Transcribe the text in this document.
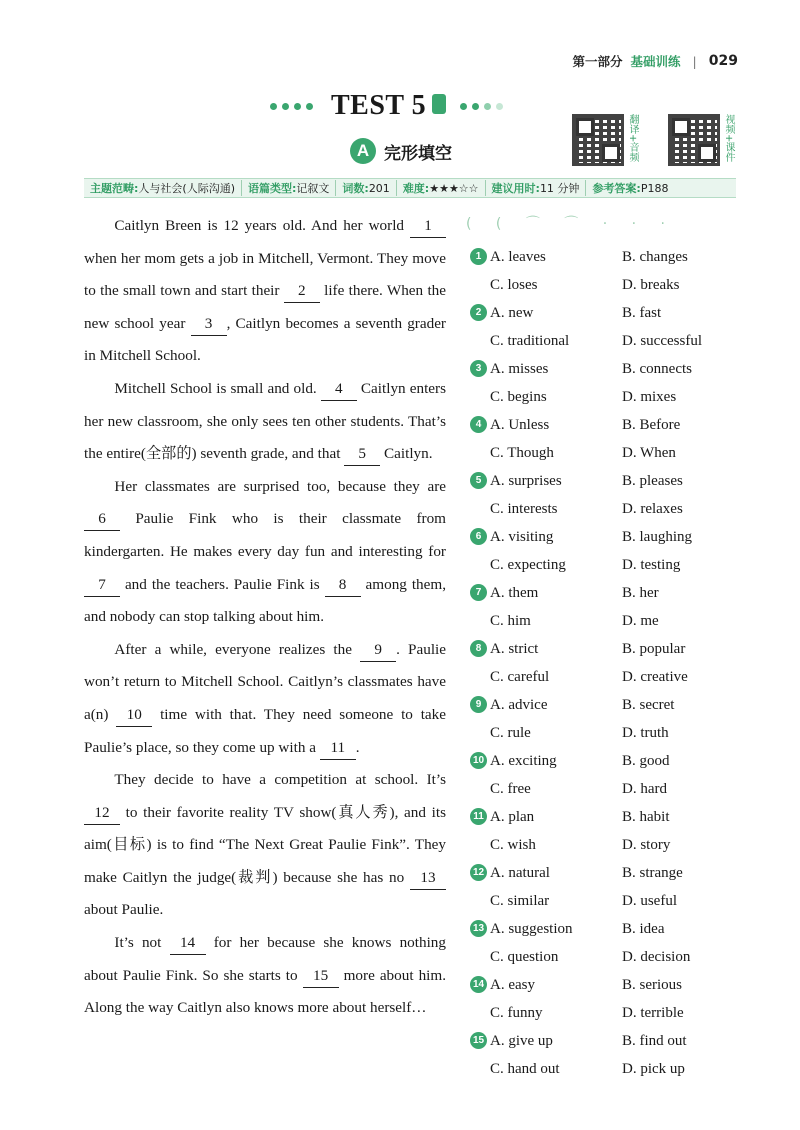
第一部分 基础训练 | 029
TEST 5
A 完形填空	翻译+音频	视频+课件
主题范畴:人与社会(人际沟通)	语篇类型:记叙文	词数:201	难度:★★★☆☆	建议用时:11 分钟	参考答案:P188

Caitlyn Breen is 12 years old. And her world 1 when her mom gets a job in Mitchell, Vermont. They move to the small town and start their 2 life there. When the new school year 3 , Caitlyn becomes a seventh grader in Mitchell School.

Mitchell School is small and old. 4 Caitlyn enters her new classroom, she only sees ten other students. That’s the entire(全部的) seventh grade, and that 5 Caitlyn.

Her classmates are surprised too, because they are 6 Paulie Fink who is their classmate from kindergarten. He makes every day fun and interesting for 7 and the teachers. Paulie Fink is 8 among them, and nobody can stop talking about him.

After a while, everyone realizes the 9 . Paulie won’t return to Mitchell School. Caitlyn’s classmates have a(n) 10 time with that. They need someone to take Paulie’s place, so they come up with a 11 .

They decide to have a competition at school. It’s 12 to their favorite reality TV show(真人秀), and its aim(目标) is to find “The Next Great Paulie Fink”. They make Caitlyn the judge(裁判) because she has no 13 about Paulie.

It’s not 14 for her because she knows nothing about Paulie Fink. So she starts to 15 more about him. Along the way Caitlyn also knows more about herself…

( ( ⌒ ⌒ · · ·
1 A. leaves	B. changes
C. loses	D. breaks
2 A. new	B. fast
C. traditional	D. successful
3 A. misses	B. connects
C. begins	D. mixes
4 A. Unless	B. Before
C. Though	D. When
5 A. surprises	B. pleases
C. interests	D. relaxes
6 A. visiting	B. laughing
C. expecting	D. testing
7 A. them	B. her
C. him	D. me
8 A. strict	B. popular
C. careful	D. creative
9 A. advice	B. secret
C. rule	D. truth
10 A. exciting	B. good
C. free	D. hard
11 A. plan	B. habit
C. wish	D. story
12 A. natural	B. strange
C. similar	D. useful
13 A. suggestion	B. idea
C. question	D. decision
14 A. easy	B. serious
C. funny	D. terrible
15 A. give up	B. find out
C. hand out	D. pick up
